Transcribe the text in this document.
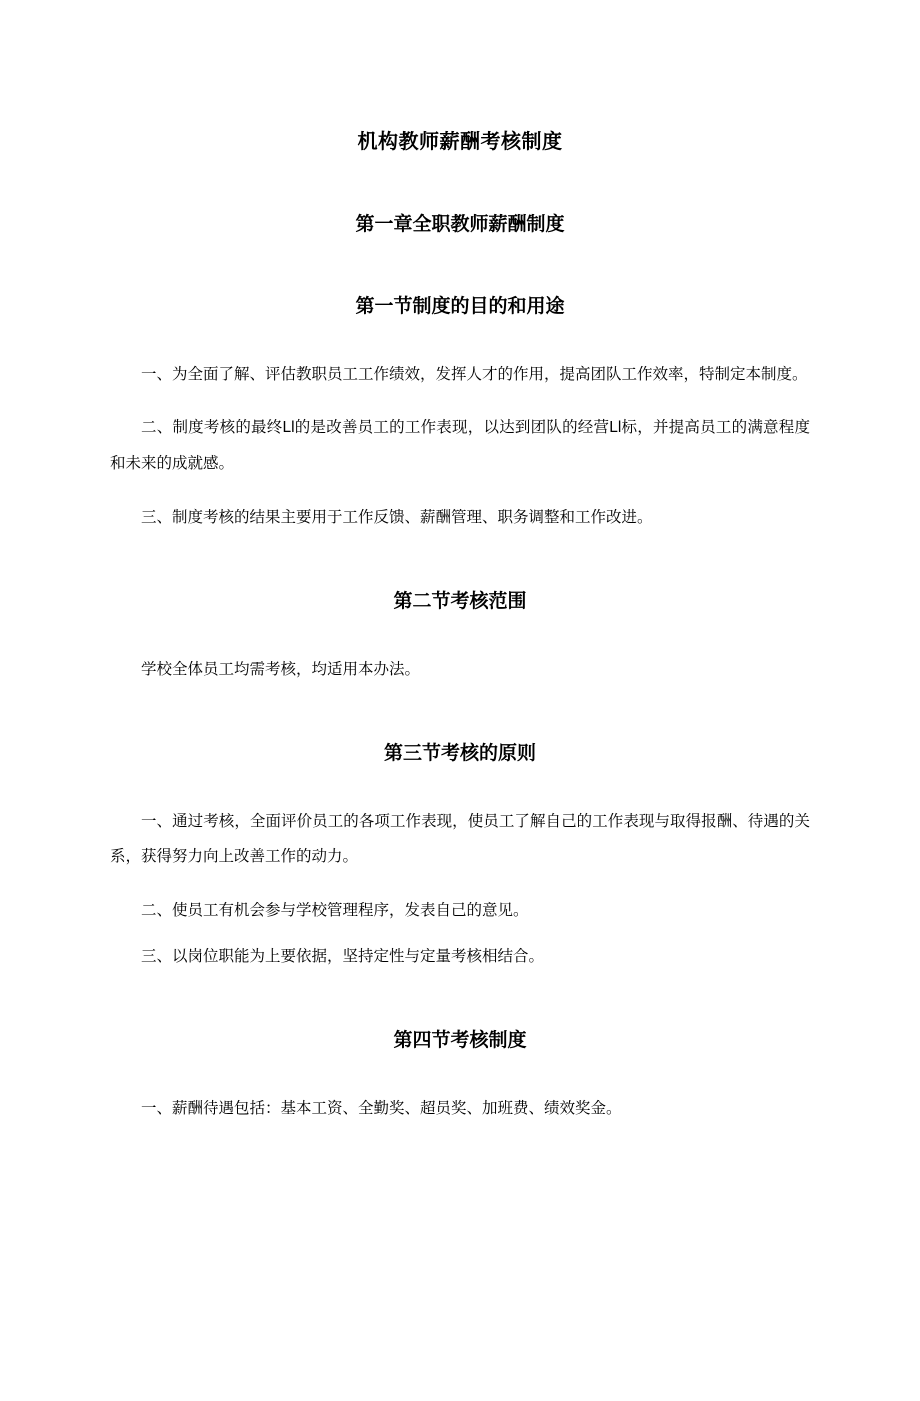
机构教师薪酬考核制度
第一章全职教师薪酬制度
第一节制度的目的和用途

一、为全面了解、评估教职员工工作绩效，发挥人才的作用，提高团队工作效率，特制定本制度。

二、制度考核的最终Ll的是改善员工的工作表现，以达到团队的经营Ll标，并提高员工的满意程度和未来的成就感。

三、制度考核的结果主要用于工作反馈、薪酬管理、职务调整和工作改进。

第二节考核范围

学校全体员工均需考核，均适用本办法。

第三节考核的原则

一、通过考核，全面评价员工的各项工作表现，使员工了解自己的工作表现与取得报酬、待遇的关系，获得努力向上改善工作的动力。

二、使员工有机会参与学校管理程序，发表自己的意见。

三、以岗位职能为上要依据，坚持定性与定量考核相结合。

第四节考核制度

一、薪酬待遇包括：基本工资、全勤奖、超员奖、加班费、绩效奖金。
